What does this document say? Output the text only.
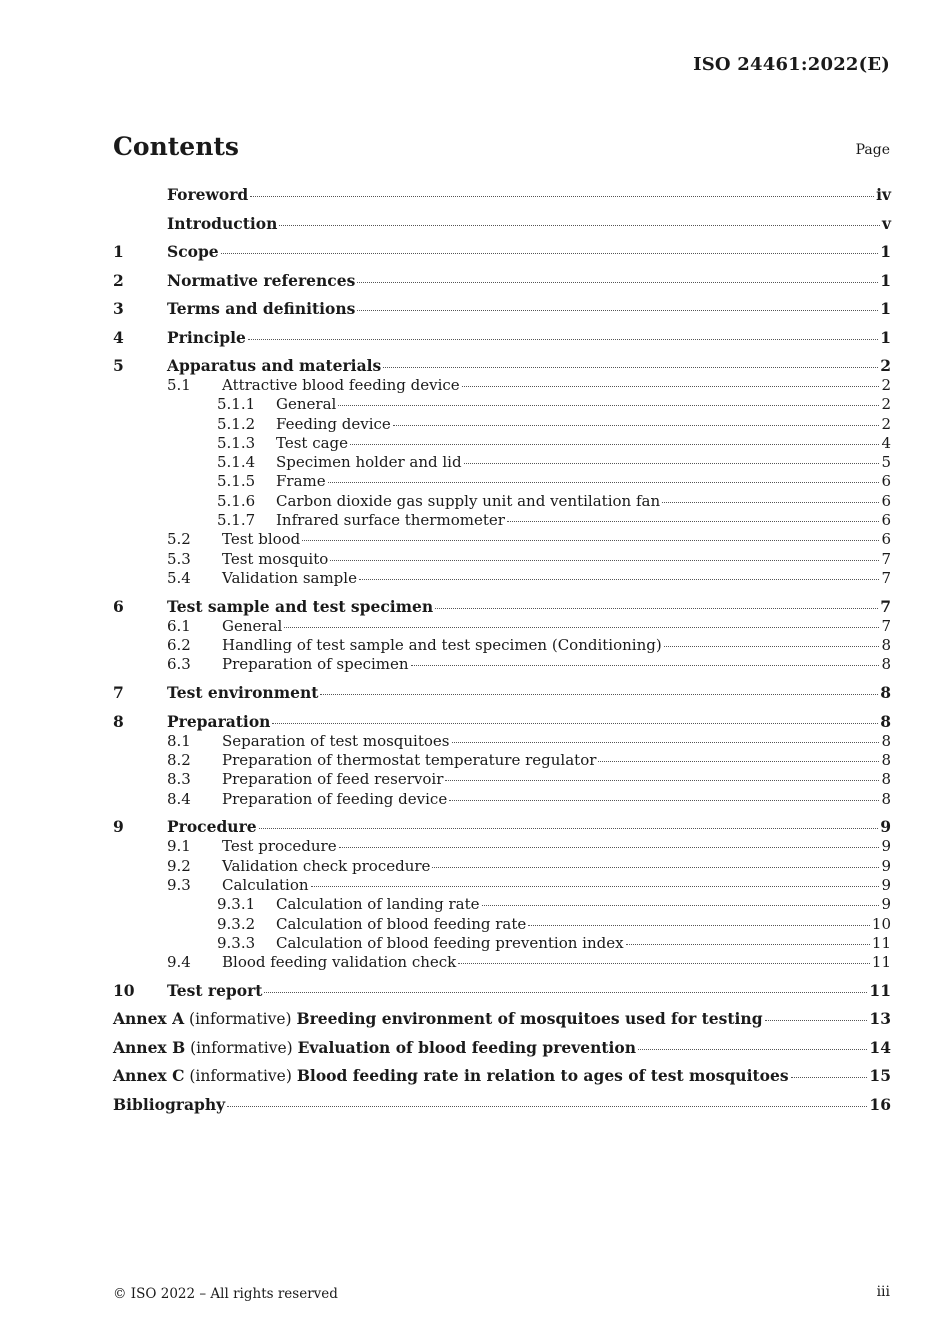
ISO 24461:2022(E)
Contents	Page
Foreword	iv
Introduction	v
1	Scope	1
2	Normative references	1
3	Terms and definitions	1
4	Principle	1
5	Apparatus and materials	2
5.1	Attractive blood feeding device	2
5.1.1	General	2
5.1.2	Feeding device	2
5.1.3	Test cage	4
5.1.4	Specimen holder and lid	5
5.1.5	Frame	6
5.1.6	Carbon dioxide gas supply unit and ventilation fan	6
5.1.7	Infrared surface thermometer	6
5.2	Test blood	6
5.3	Test mosquito	7
5.4	Validation sample	7
6	Test sample and test specimen	7
6.1	General	7
6.2	Handling of test sample and test specimen (Conditioning)	8
6.3	Preparation of specimen	8
7	Test environment	8
8	Preparation	8
8.1	Separation of test mosquitoes	8
8.2	Preparation of thermostat temperature regulator	8
8.3	Preparation of feed reservoir	8
8.4	Preparation of feeding device	8
9	Procedure	9
9.1	Test procedure	9
9.2	Validation check procedure	9
9.3	Calculation	9
9.3.1	Calculation of landing rate	9
9.3.2	Calculation of blood feeding rate	10
9.3.3	Calculation of blood feeding prevention index	11
9.4	Blood feeding validation check	11
10	Test report	11
Annex A (informative) Breeding environment of mosquitoes used for testing	13
Annex B (informative) Evaluation of blood feeding prevention	14
Annex C (informative) Blood feeding rate in relation to ages of test mosquitoes	15
Bibliography	16
© ISO 2022 – All rights reserved	iii
